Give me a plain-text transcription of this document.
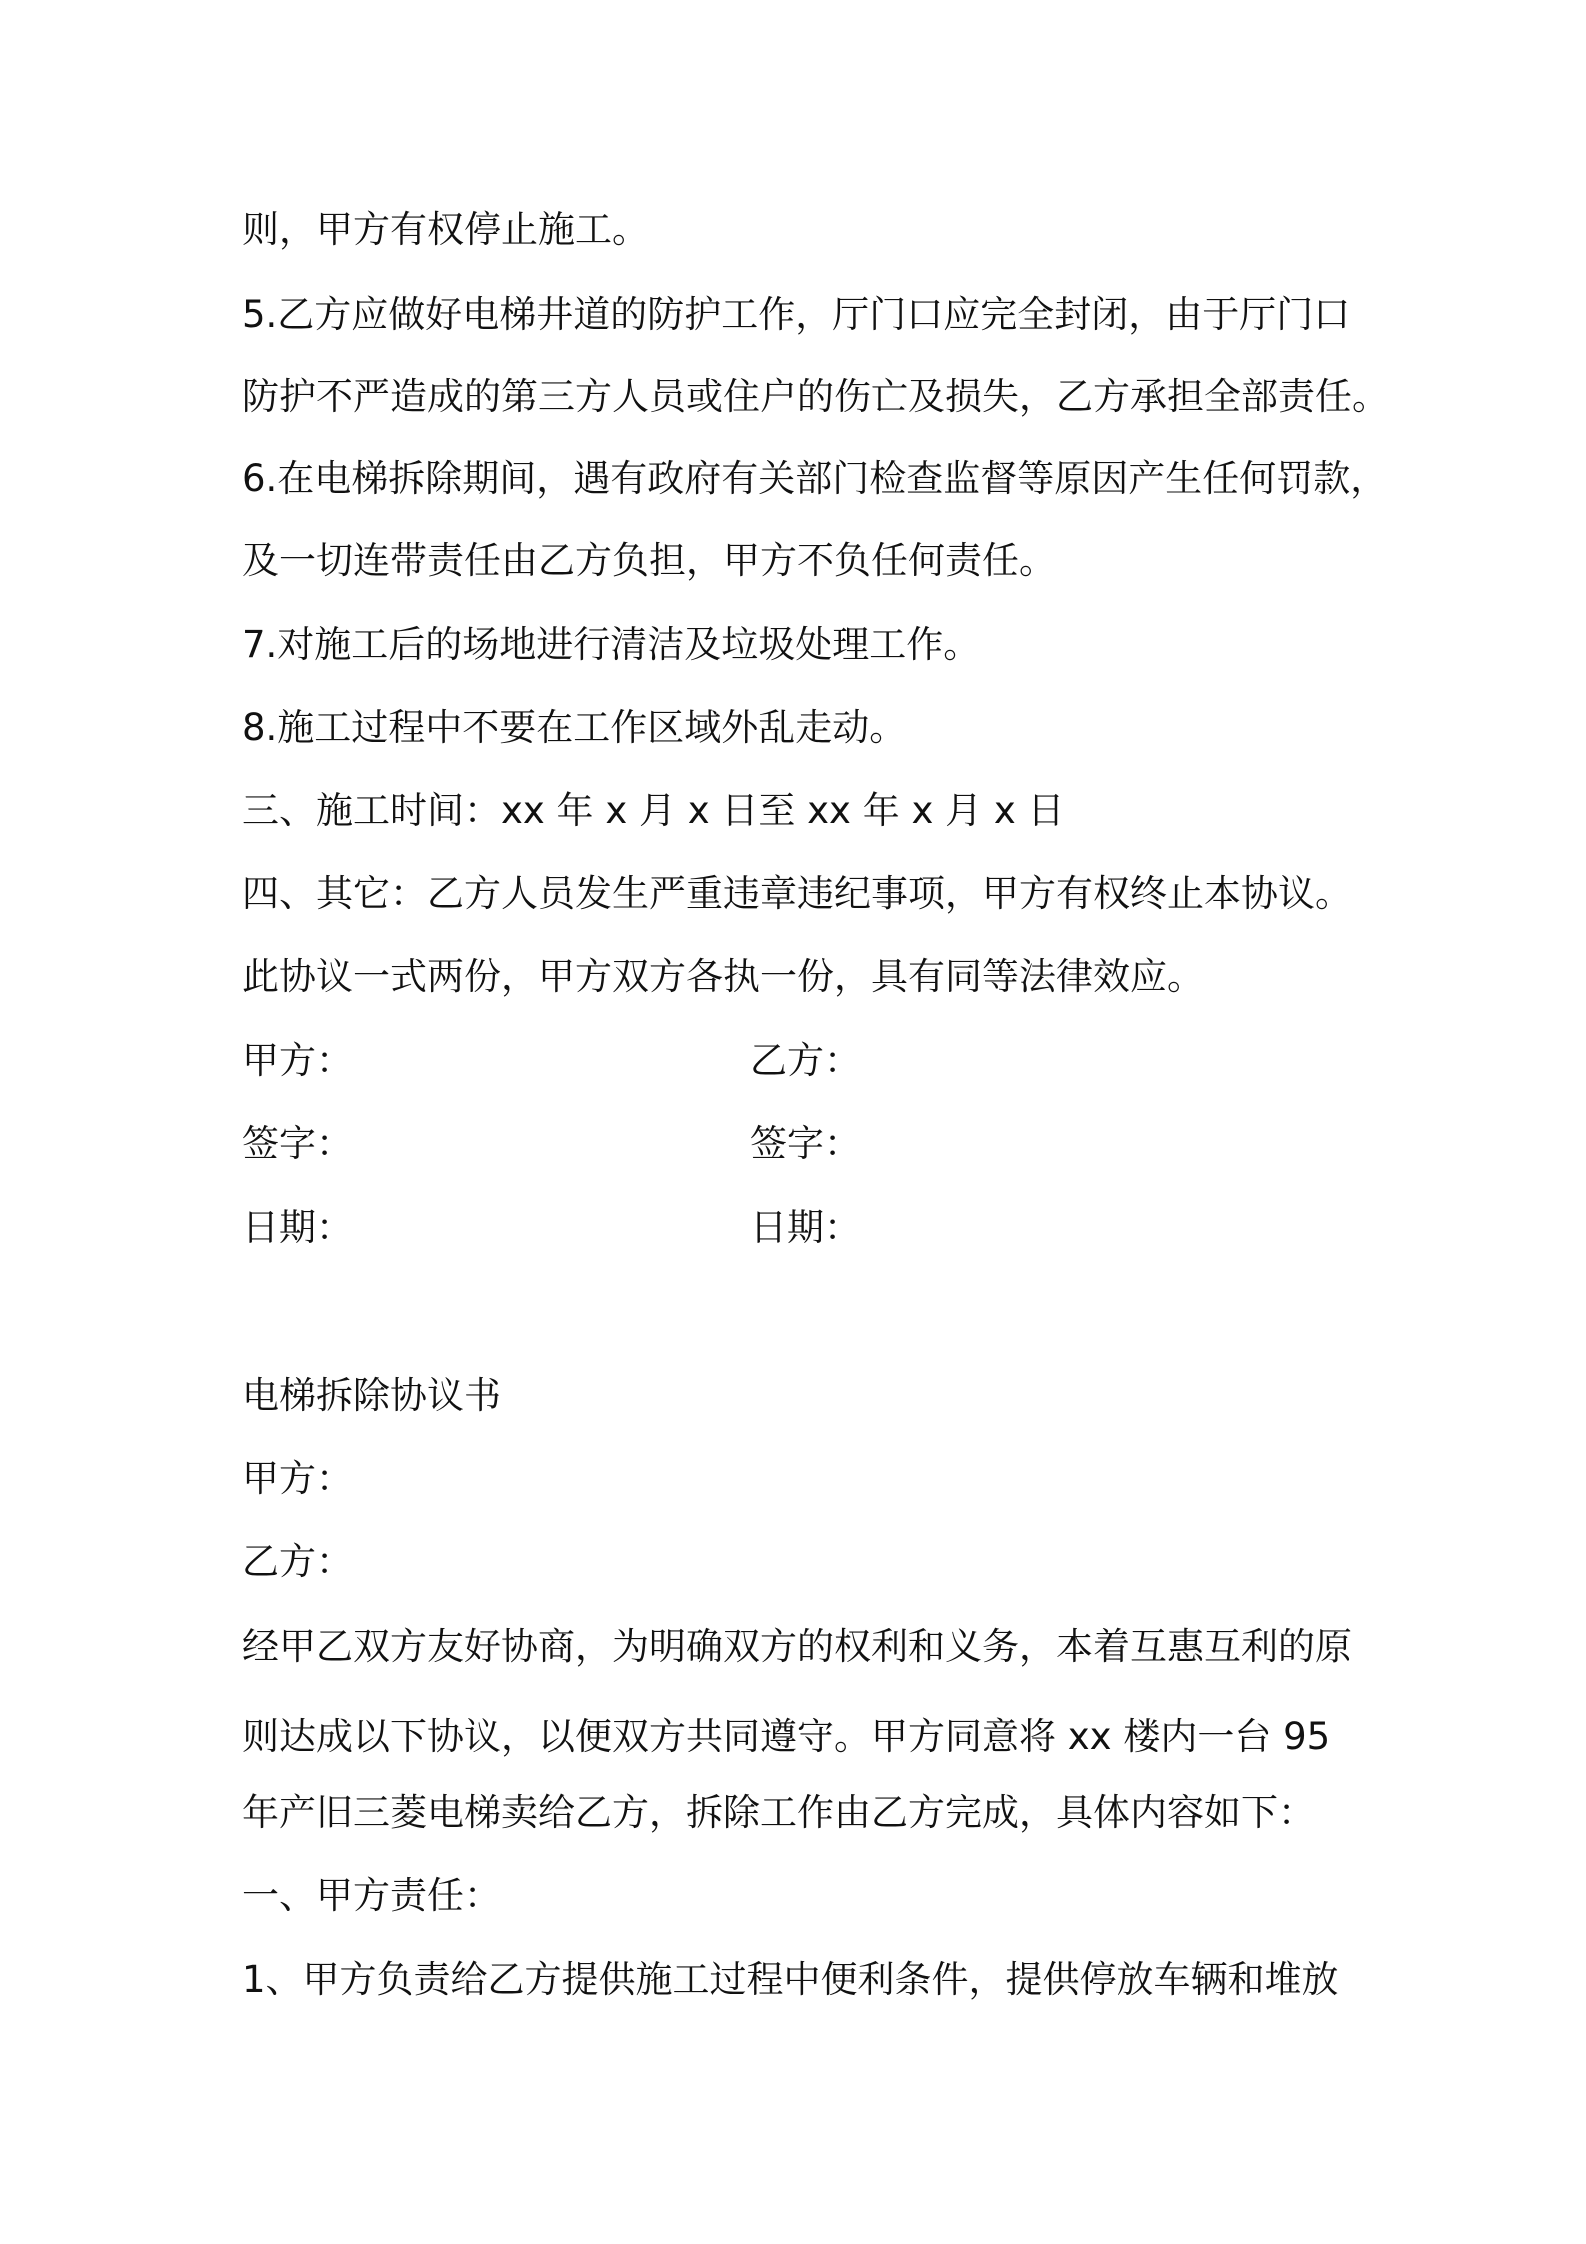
则，甲方有权停止施工。
5.乙方应做好电梯井道的防护工作，厅门口应完全封闭，由于厅门口
防护不严造成的第三方人员或住户的伤亡及损失，乙方承担全部责任。
6.在电梯拆除期间，遇有政府有关部门检查监督等原因产生任何罚款，
及一切连带责任由乙方负担，甲方不负任何责任。
7.对施工后的场地进行清洁及垃圾处理工作。
8.施工过程中不要在工作区域外乱走动。
三、施工时间：xx 年 x 月 x 日至 xx 年 x 月 x 日
四、其它：乙方人员发生严重违章违纪事项，甲方有权终止本协议。
此协议一式两份，甲方双方各执一份，具有同等法律效应。
甲方：	乙方：
签字：	签字：
日期：	日期：
电梯拆除协议书
甲方：
乙方：
经甲乙双方友好协商，为明确双方的权利和义务，本着互惠互利的原
则达成以下协议，以便双方共同遵守。甲方同意将 xx 楼内一台 95
年产旧三菱电梯卖给乙方，拆除工作由乙方完成，具体内容如下：
一、甲方责任：
1、甲方负责给乙方提供施工过程中便利条件，提供停放车辆和堆放
